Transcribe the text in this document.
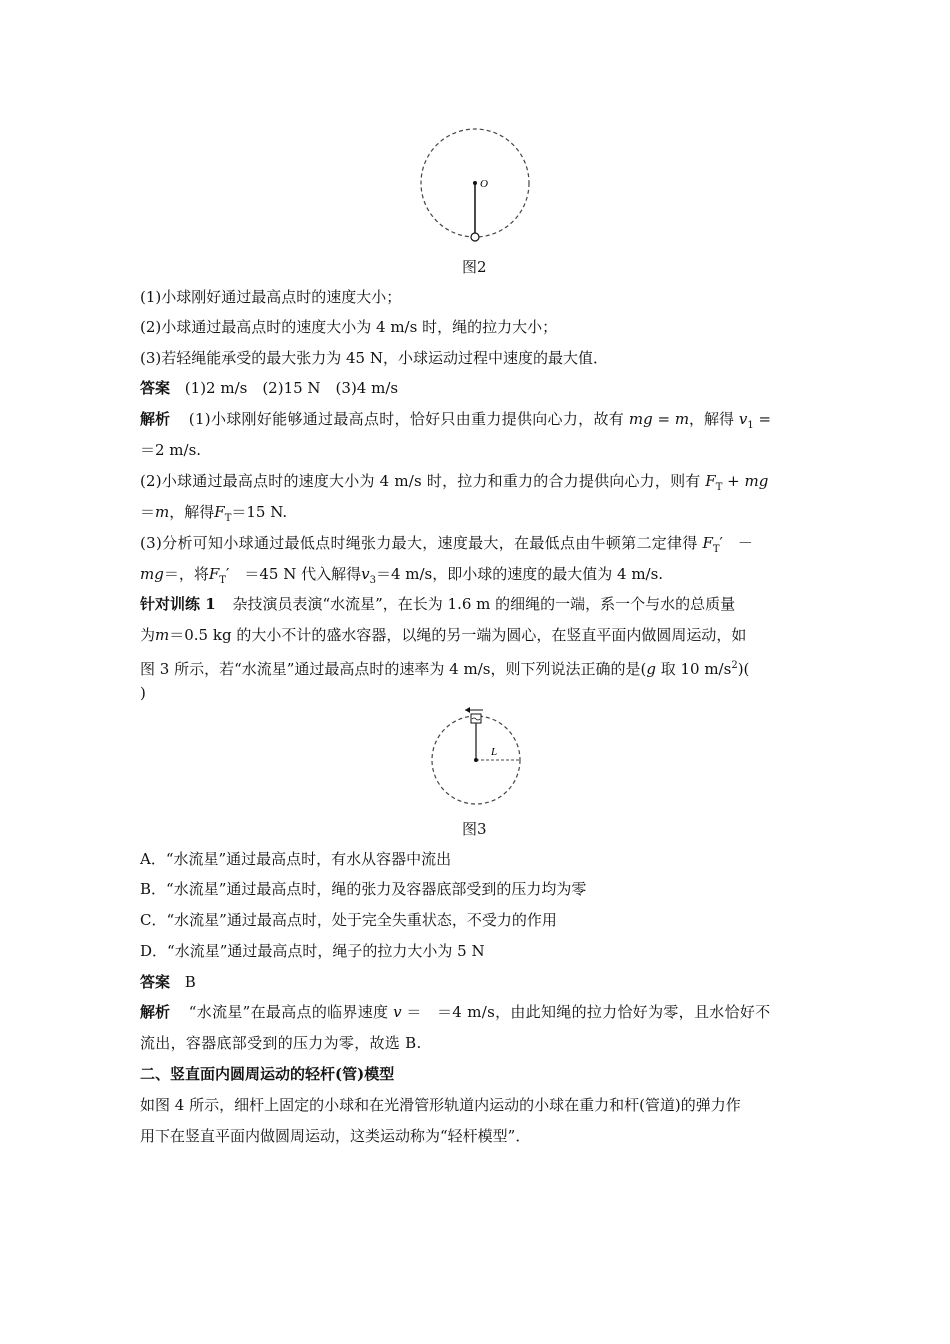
O
图2
(1)小球刚好通过最高点时的速度大小；
(2)小球通过最高点时的速度大小为 4 m/s 时，绳的拉力大小；
(3)若轻绳能承受的最大张力为 45 N，小球运动过程中速度的最大值．
答案 (1)2 m/s　(2)15 N　(3)4 m/s
解析 (1)小球刚好能够通过最高点时，恰好只由重力提供向心力，故有 mg = m，解得 $v_1$ =
＝2 m/s.
(2)小球通过最高点时的速度大小为 4 m/s 时，拉力和重力的合力提供向心力，则有 $F_T$ + mg
＝m，解得$F_T=15$ N.
(3)分析可知小球通过最低点时绳张力最大，速度最大，在最低点由牛顿第二定律得 $F_T'$　－
mg＝，将$F_T'$　＝45 N 代入解得$v_3=4$ m/s，即小球的速度的最大值为 4 m/s.
针对训练 1 杂技演员表演“水流星”，在长为 1.6 m 的细绳的一端，系一个与水的总质量
为m＝0.5 kg 的大小不计的盛水容器，以绳的另一端为圆心，在竖直平面内做圆周运动，如
图 3 所示，若“水流星”通过最高点时的速率为 4 m/s，则下列说法正确的是(g 取 10 $m/s^2$)(
)
L
图3
A．“水流星”通过最高点时，有水从容器中流出
B．“水流星”通过最高点时，绳的张力及容器底部受到的压力均为零
C．“水流星”通过最高点时，处于完全失重状态，不受力的作用
D．“水流星”通过最高点时，绳子的拉力大小为 5 N
答案 B
解析 “水流星”在最高点的临界速度 v ＝　＝4 m/s，由此知绳的拉力恰好为零，且水恰好不
流出，容器底部受到的压力为零，故选 B.
二、竖直面内圆周运动的轻杆(管)模型
如图 4 所示，细杆上固定的小球和在光滑管形轨道内运动的小球在重力和杆(管道)的弹力作
用下在竖直平面内做圆周运动，这类运动称为“轻杆模型”．
